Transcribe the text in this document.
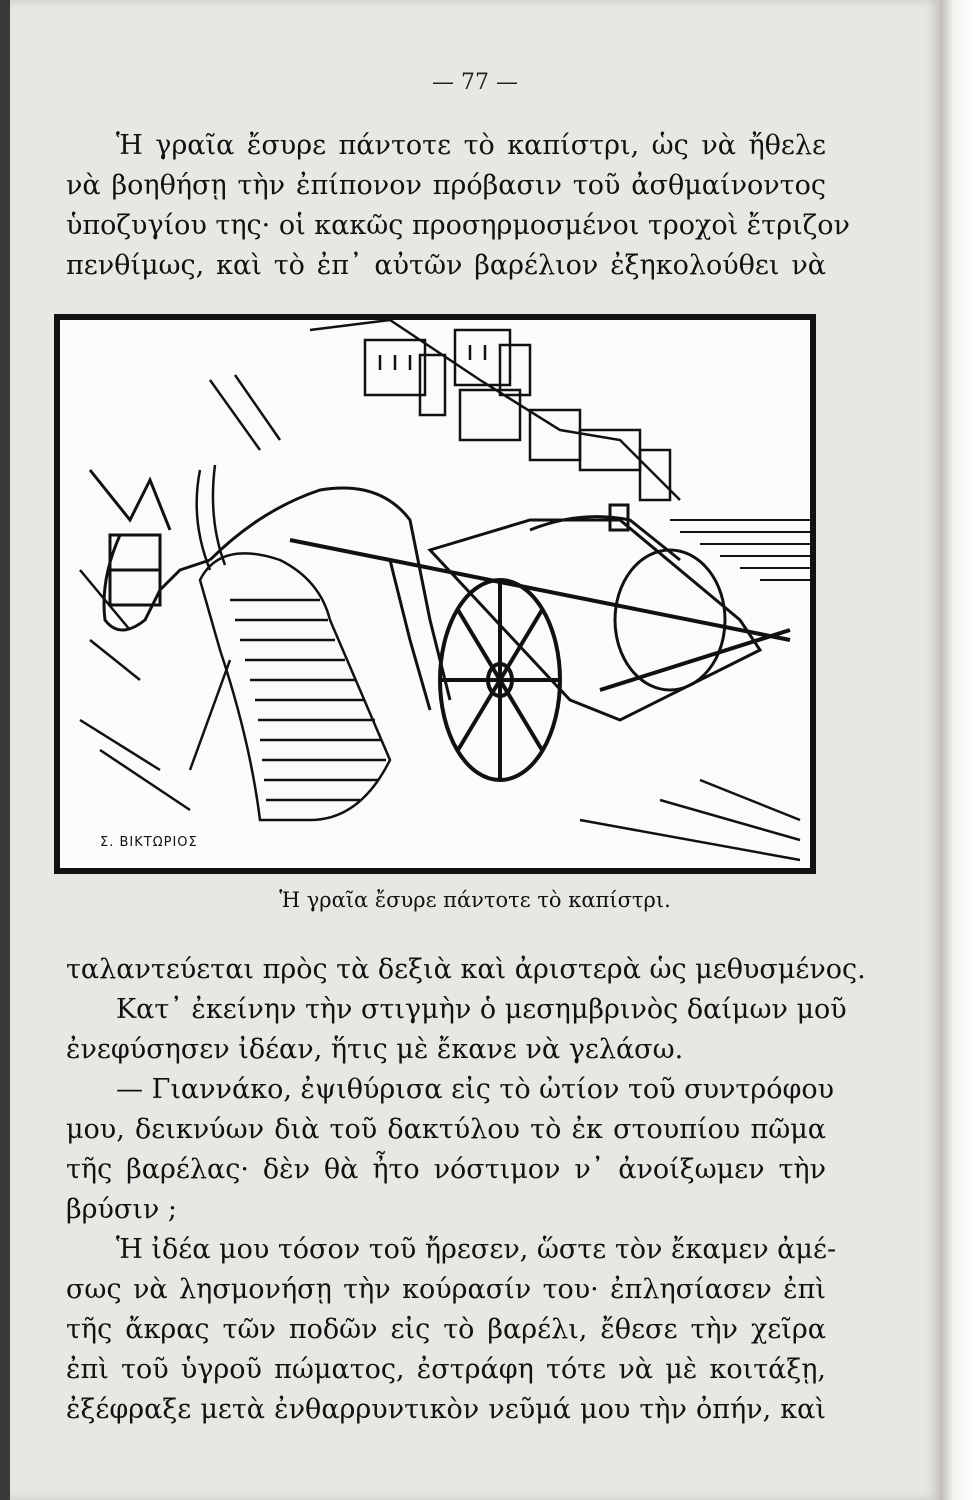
— 77 —
Ἡ γραῖα ἔσυρε πάντοτε τὸ καπίστρι, ὡς νὰ ἤθελε
νὰ βοηθήσῃ τὴν ἐπίπονον πρόβασιν τοῦ ἀσθμαίνοντος
ὑποζυγίου της· οἱ κακῶς προσηρμοσμένοι τροχοὶ ἔτριζον
πενθίμως, καὶ τὸ ἐπ᾽ αὐτῶν βαρέλιον ἐξηκολούθει νὰ
Σ. ΒΙΚΤΩΡΙΟΣ
Ἡ γραῖα ἔσυρε πάντοτε τὸ καπίστρι.
ταλαντεύεται πρὸς τὰ δεξιὰ καὶ ἀριστερὰ ὡς μεθυσμένος.
Κατ᾽ ἐκείνην τὴν στιγμὴν ὁ μεσημβρινὸς δαίμων μοῦ
ἐνεφύσησεν ἰδέαν, ἥτις μὲ ἔκανε νὰ γελάσω.
— Γιαννάκο, ἐψιθύρισα εἰς τὸ ὠτίον τοῦ συντρόφου
μου, δεικνύων διὰ τοῦ δακτύλου τὸ ἐκ στουπίου πῶμα
τῆς βαρέλας· δὲν θὰ ἦτο νόστιμον ν᾽ ἀνοίξωμεν τὴν
βρύσιν ;
Ἡ ἰδέα μου τόσον τοῦ ἤρεσεν, ὥστε τὸν ἔκαμεν ἀμέ-
σως νὰ λησμονήσῃ τὴν κούρασίν του· ἐπλησίασεν ἐπὶ
τῆς ἄκρας τῶν ποδῶν εἰς τὸ βαρέλι, ἔθεσε τὴν χεῖρα
ἐπὶ τοῦ ὑγροῦ πώματος, ἐστράφη τότε νὰ μὲ κοιτάξῃ,
ἐξέφραξε μετὰ ἐνθαρρυντικὸν νεῦμά μου τὴν ὀπήν, καὶ
